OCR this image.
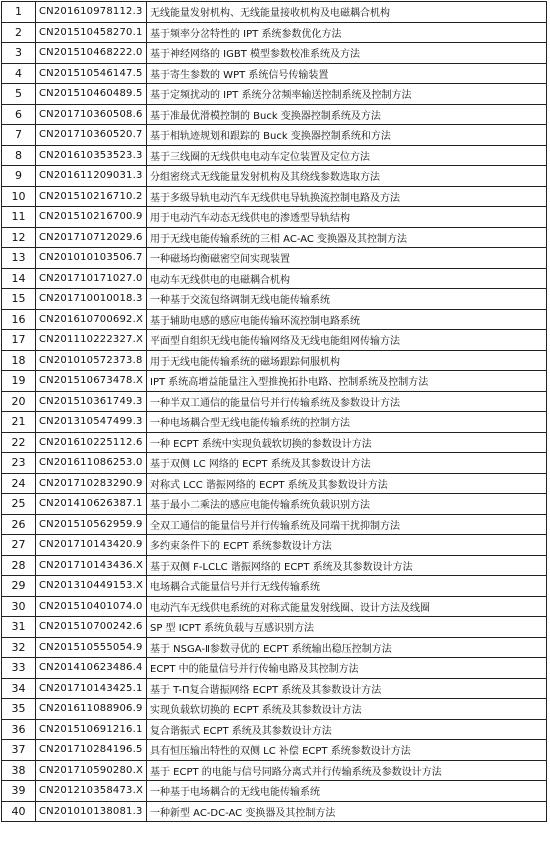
1	CN201610978112.3	无线能量发射机构、无线能量接收机构及电磁耦合机构
2	CN201510458270.1	基于频率分岔特性的 IPT 系统参数优化方法
3	CN201510468222.0	基于神经网络的 IGBT 模型参数校准系统及方法
4	CN201510546147.5	基于寄生参数的 WPT 系统信号传输装置
5	CN201510460489.5	基于定频扰动的 IPT 系统分岔频率输送控制系统及控制方法
6	CN201710360508.6	基于准最优滑模控制的 Buck 变换器控制系统及方法
7	CN201710360520.7	基于相轨迹规划和跟踪的 Buck 变换器控制系统和方法
8	CN201610353523.3	基于三线圈的无线供电电动车定位装置及定位方法
9	CN201611209031.3	分组密绕式无线能量发射机构及其绕线参数选取方法
10	CN201510216710.2	基于多级导轨电动汽车无线供电导轨换流控制电路及方法
11	CN201510216700.9	用于电动汽车动态无线供电的渗透型导轨结构
12	CN201710712029.6	用于无线电能传输系统的三相 AC-AC 变换器及其控制方法
13	CN201010103506.7	一种磁场均衡磁密空间实现装置
14	CN201710171027.0	电动车无线供电的电磁耦合机构
15	CN201710010018.3	一种基于交流包络调制无线电能传输系统
16	CN201610700692.X	基于辅助电感的感应电能传输环流控制电路系统
17	CN201110222327.X	平面型自组织无线电能传输网络及无线电能组网传输方法
18	CN201010572373.8	用于无线电能传输系统的磁场跟踪伺服机构
19	CN201510673478.X	IPT 系统高增益能量注入型推挽拓扑电路、控制系统及控制方法
20	CN201510361749.3	一种半双工通信的能量信号并行传输系统及参数设计方法
21	CN201310547499.3	一种电场耦合型无线电能传输系统的控制方法
22	CN201610225112.6	一种 ECPT 系统中实现负载软切换的参数设计方法
23	CN201611086253.0	基于双侧 LC 网络的 ECPT 系统及其参数设计方法
24	CN201710283290.9	对称式 LCC 谐振网络的 ECPT 系统及其参数设计方法
25	CN201410626387.1	基于最小二乘法的感应电能传输系统负载识别方法
26	CN201510562959.9	全双工通信的能量信号并行传输系统及同端干扰抑制方法
27	CN201710143420.9	多约束条件下的 ECPT 系统参数设计方法
28	CN201710143436.X	基于双侧 F-LCLC 谐振网络的 ECPT 系统及其参数设计方法
29	CN201310449153.X	电场耦合式能量信号并行无线传输系统
30	CN201510401074.0	电动汽车无线供电系统的对称式能量发射线圈、设计方法及线圈
31	CN201510700242.6	SP 型 ICPT 系统负载与互感识别方法
32	CN201510555054.9	基于 NSGA-Ⅱ参数寻优的 ECPT 系统输出稳压控制方法
33	CN201410623486.4	ECPT 中的能量信号并行传输电路及其控制方法
34	CN201710143425.1	基于 T-Π复合谐振网络 ECPT 系统及其参数设计方法
35	CN201611088906.9	实现负载软切换的 ECPT 系统及其参数设计方法
36	CN201510691216.1	复合谐振式 ECPT 系统及其参数设计方法
37	CN201710284196.5	具有恒压输出特性的双侧 LC 补偿 ECPT 系统参数设计方法
38	CN201710590280.X	基于 ECPT 的电能与信号同路分离式并行传输系统及参数设计方法
39	CN201210358473.X	一种基于电场耦合的无线电能传输系统
40	CN201010138081.3	一种新型 AC-DC-AC 变换器及其控制方法
